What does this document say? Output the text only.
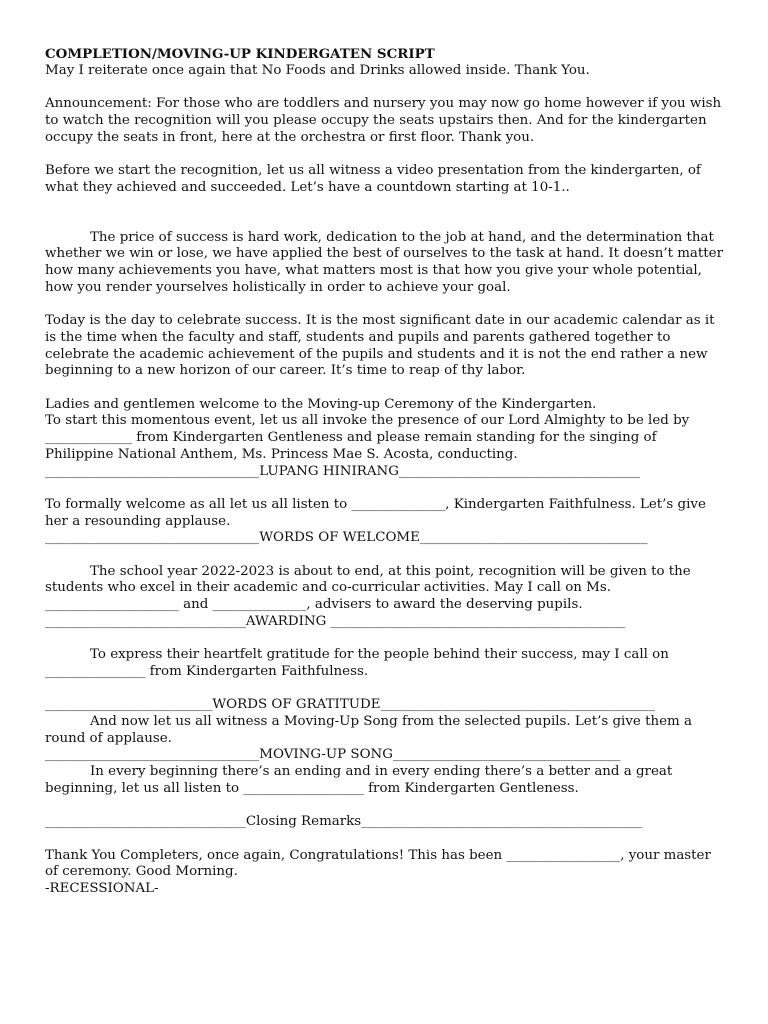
COMPLETION/MOVING-UP KINDERGATEN SCRIPT

May I reiterate once again that No Foods and Drinks allowed inside. Thank You.

Announcement: For those who are toddlers and nursery you may now go home however if you wish to watch the recognition will you please occupy the seats upstairs then. And for the kindergarten occupy the seats in front, here at the orchestra or first floor. Thank you.

Before we start the recognition, let us all witness a video presentation from the kindergarten, of what they achieved and succeeded. Let’s have a countdown starting at 10-1..

The price of success is hard work, dedication to the job at hand, and the determination that whether we win or lose, we have applied the best of ourselves to the task at hand. It doesn’t matter how many achievements you have, what matters most is that how you give your whole potential, how you render yourselves holistically in order to achieve your goal.

Today is the day to celebrate success. It is the most significant date in our academic calendar as it is the time when the faculty and staff, students and pupils and parents gathered together to celebrate the academic achievement of the pupils and students and it is not the end rather a new beginning to a new horizon of our career. It’s time to reap of thy labor.

Ladies and gentlemen welcome to the Moving-up Ceremony of the Kindergarten.

To start this momentous event, let us all invoke the presence of our Lord Almighty to be led by _____________ from Kindergarten Gentleness and please remain standing for the singing of Philippine National Anthem, Ms. Princess Mae S. Acosta, conducting.

________________________________LUPANG HINIRANG____________________________________

To formally welcome as all let us all listen to ______________, Kindergarten Faithfulness. Let’s give her a resounding applause.

________________________________WORDS OF WELCOME__________________________________

The school year 2022-2023 is about to end, at this point, recognition will be given to the students who excel in their academic and co-curricular activities. May I call on Ms. ____________________ and ______________, advisers to award the deserving pupils.

______________________________AWARDING ____________________________________________

To express their heartfelt gratitude for the people behind their success, may I call on _______________ from Kindergarten Faithfulness.

_________________________WORDS OF GRATITUDE_________________________________________

And now let us all witness a Moving-Up Song from the selected pupils. Let’s give them a round of applause.

________________________________MOVING-UP SONG__________________________________

In every beginning there’s an ending and in every ending there’s a better and a great beginning, let us all listen to __________________ from Kindergarten Gentleness.

______________________________Closing Remarks__________________________________________

Thank You Completers, once again, Congratulations! This has been _________________, your master of ceremony. Good Morning.

-RECESSIONAL-
